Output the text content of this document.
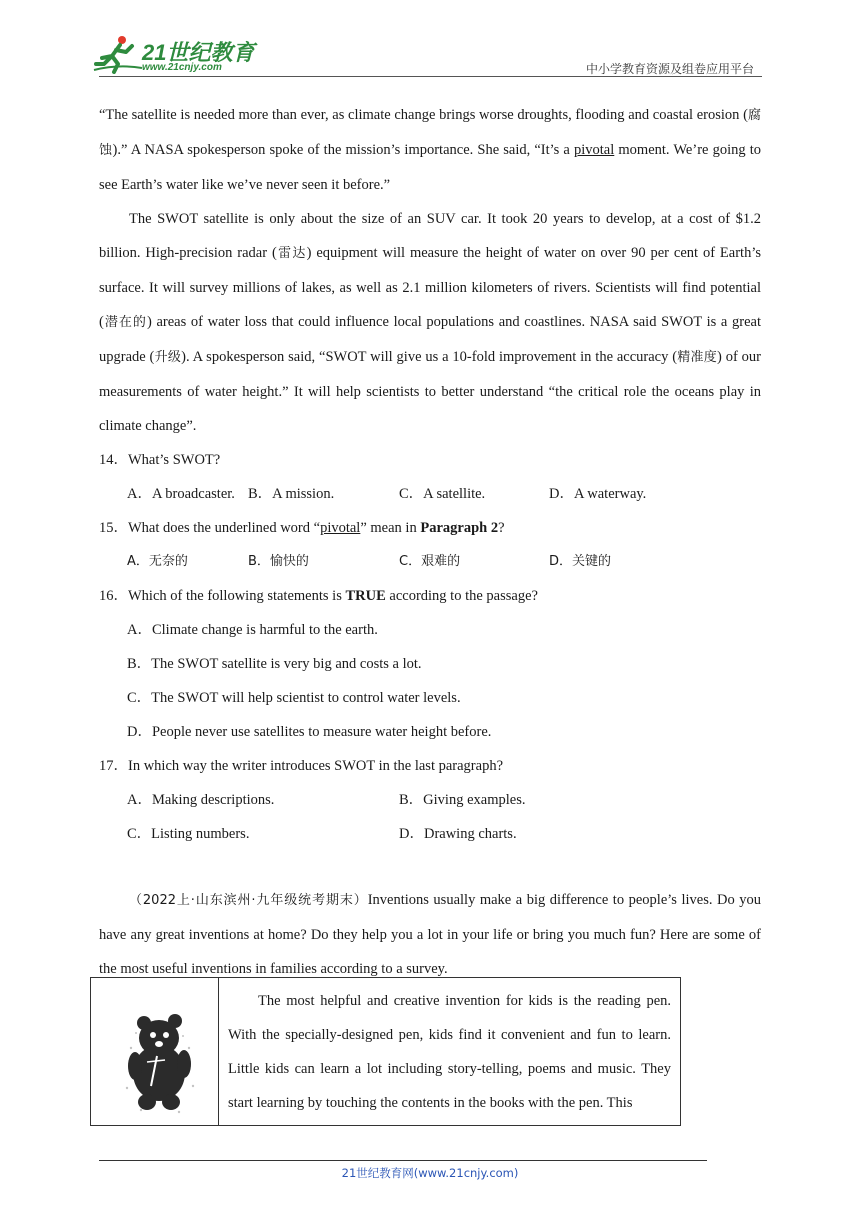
21世纪教育
www.21cnjy.com	中小学教育资源及组卷应用平台

“The satellite is needed more than ever, as climate change brings worse droughts, flooding and coastal erosion (腐蚀).” A NASA spokesperson spoke of the mission’s importance. She said, “It’s a pivotal moment. We’re going to see Earth’s water like we’ve never seen it before.”

The SWOT satellite is only about the size of an SUV car. It took 20 years to develop, at a cost of $1.2 billion. High-precision radar (雷达) equipment will measure the height of water on over 90 per cent of Earth’s surface. It will survey millions of lakes, as well as 2.1 million kilometers of rivers. Scientists will find potential (潜在的) areas of water loss that could influence local populations and coastlines. NASA said SWOT is a great upgrade (升级). A spokesperson said, “SWOT will give us a 10-fold improvement in the accuracy (精准度) of our measurements of water height.” It will help scientists to better understand “the critical role the oceans play in climate change”.

14．What’s SWOT?
A．A broadcaster. B．A mission.	C．A satellite.	D．A waterway.
15．What does the underlined word “pivotal” mean in Paragraph 2?
A．无奈的	B．愉快的	C．艰难的	D．关键的
16．Which of the following statements is TRUE according to the passage?
A．Climate change is harmful to the earth.
B．The SWOT satellite is very big and costs a lot.
C．The SWOT will help scientist to control water levels.
D．People never use satellites to measure water height before.
17．In which way the writer introduces SWOT in the last paragraph?
A．Making descriptions.	B．Giving examples.
C．Listing numbers.	D．Drawing charts.

（2022上·山东滨州·九年级统考期末）Inventions usually make a big difference to people’s lives. Do you have any great inventions at home? Do they help you a lot in your life or bring you much fun? Here are some of the most useful inventions in families according to a survey.

The most helpful and creative invention for kids is the reading pen. With the specially-designed pen, kids find it convenient and fun to learn. Little kids can learn a lot including story-telling, poems and music. They start learning by touching the contents in the books with the pen. This

21世纪教育网(www.21cnjy.com)
